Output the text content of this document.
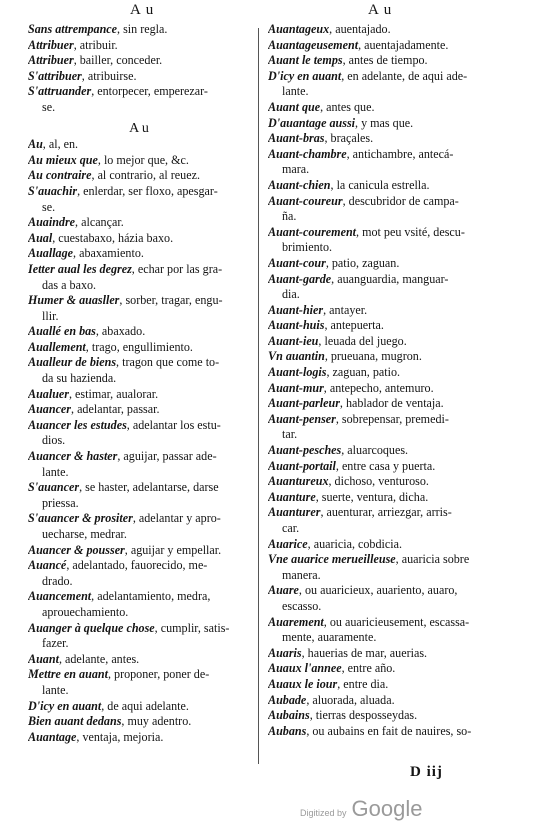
A u	A u
Sans attrempance, sin regla.
Attribuer, atribuir.
Attribuer, bailler, conceder.
S'attribuer, atribuirse.
S'attruander, entorpecer, emperezar-
se.
A u
Au, al, en.
Au mieux que, lo mejor que, &c.
Au contraire, al contrario, al reuez.
S'auachir, enlerdar, ser floxo, apesgar-
se.
Auaindre, alcançar.
Aual, cuestabaxo, házia baxo.
Auallage, abaxamiento.
Ietter aual les degrez, echar por las gra-
das a baxo.
Humer & auasller, sorber, tragar, engu-
llir.
Auallé en bas, abaxado.
Auallement, trago, engullimiento.
Aualleur de biens, tragon que come to-
da su hazienda.
Aualuer, estimar, aualorar.
Auancer, adelantar, passar.
Auancer les estudes, adelantar los estu-
dios.
Auancer & haster, aguijar, passar ade-
lante.
S'auancer, se haster, adelantarse, darse
priessa.
S'auancer & prositer, adelantar y apro-
uecharse, medrar.
Auancer & pousser, aguijar y empellar.
Auancé, adelantado, fauorecido, me-
drado.
Auancement, adelantamiento, medra,
aprouechamiento.
Auanger à quelque chose, cumplir, satis-
fazer.
Auant, adelante, antes.
Mettre en auant, proponer, poner de-
lante.
D'icy en auant, de aqui adelante.
Bien auant dedans, muy adentro.
Auantage, ventaja, mejoria.
Auantageux, auentajado.
Auantageusement, auentajadamente.
Auant le temps, antes de tiempo.
D'icy en auant, en adelante, de aqui ade-
lante.
Auant que, antes que.
D'auantage aussi, y mas que.
Auant-bras, braçales.
Auant-chambre, antichambre, antecá-
mara.
Auant-chien, la canicula estrella.
Auant-coureur, descubridor de campa-
ña.
Auant-courement, mot peu vsité, descu-
brimiento.
Auant-cour, patio, zaguan.
Auant-garde, auanguardia, manguar-
dia.
Auant-hier, antayer.
Auant-huis, antepuerta.
Auant-ieu, leuada del juego.
Vn auantin, prueuana, mugron.
Auant-logis, zaguan, patio.
Auant-mur, antepecho, antemuro.
Auant-parleur, hablador de ventaja.
Auant-penser, sobrepensar, premedi-
tar.
Auant-pesches, aluarcoques.
Auant-portail, entre casa y puerta.
Auantureux, dichoso, venturoso.
Auanture, suerte, ventura, dicha.
Auanturer, auenturar, arriezgar, arris-
car.
Auarice, auaricia, cobdicia.
Vne auarice merueilleuse, auaricia sobre
manera.
Auare, ou auaricieux, auariento, auaro,
escasso.
Auarement, ou auaricieusement, escassa-
mente, auaramente.
Auaris, hauerias de mar, auerias.
Auaux l'annee, entre año.
Auaux le iour, entre dia.
Aubade, aluorada, aluada.
Aubains, tierras desposseydas.
Aubans, ou aubains en fait de nauires, so-
D iij
Digitized by Google
